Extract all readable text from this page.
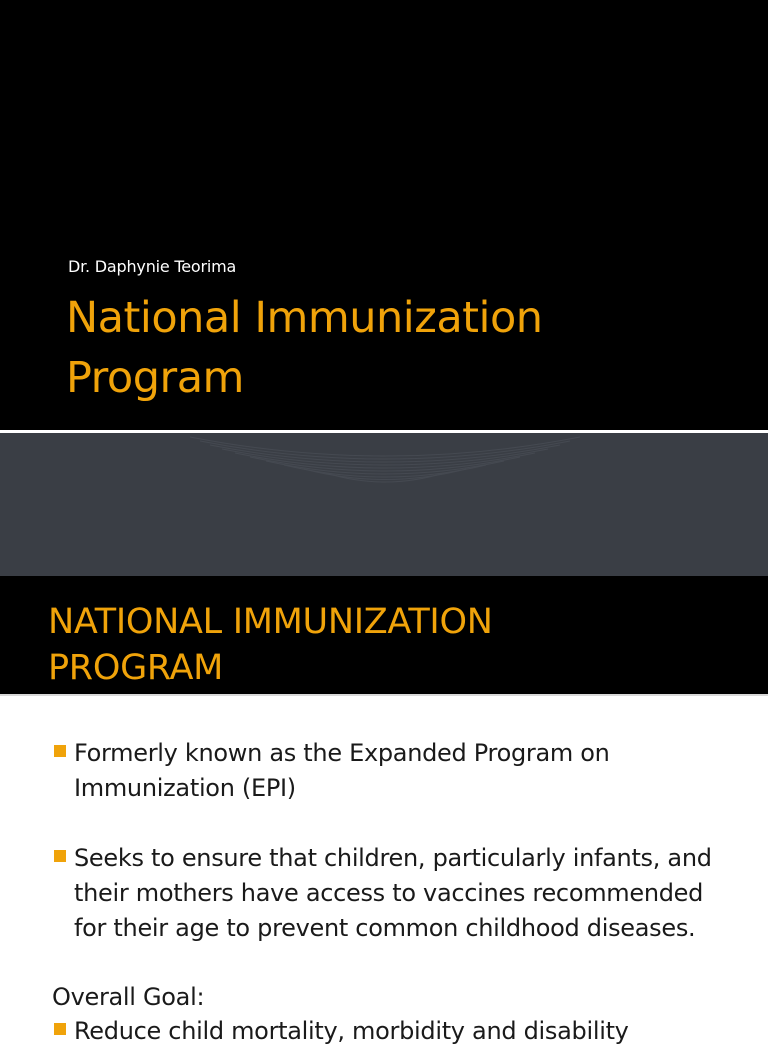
Dr. Daphynie Teorima
National Immunization
Program
NATIONAL IMMUNIZATION
PROGRAM
Formerly known as the Expanded Program on
Immunization (EPI)
Seeks to ensure that children, particularly infants, and
their mothers have access to vaccines recommended
for their age to prevent common childhood diseases.
Overall Goal:
Reduce child mortality, morbidity and disability
